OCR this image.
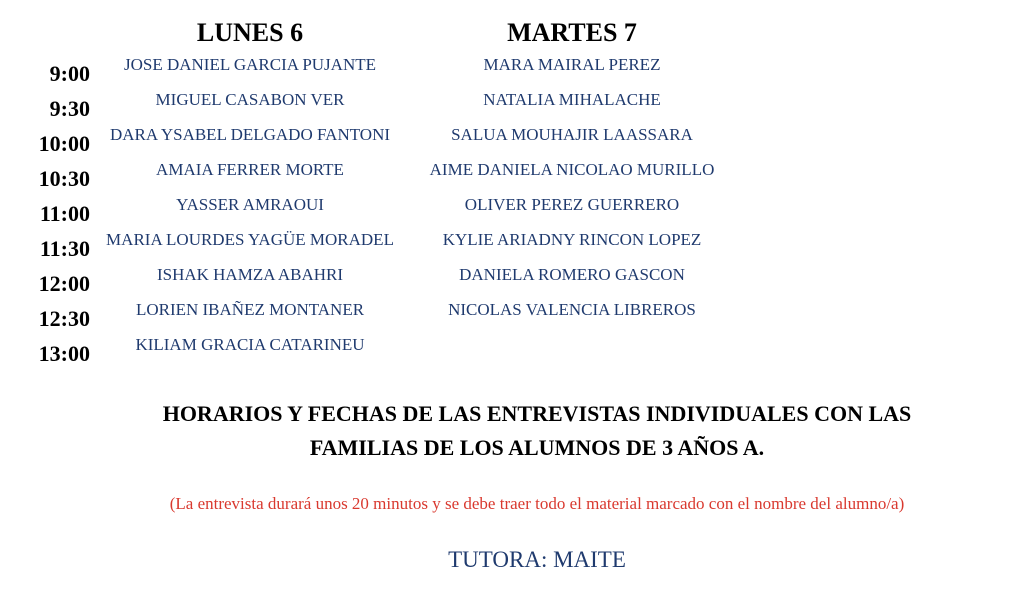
LUNES 6	MARTES 7
9:00
9:30
10:00
10:30
11:00
11:30
12:00
12:30
13:00
JOSE DANIEL GARCIA PUJANTE
MIGUEL CASABON VER
DARA YSABEL DELGADO FANTONI
AMAIA FERRER MORTE
YASSER AMRAOUI
MARIA LOURDES YAGÜE MORADEL
ISHAK HAMZA ABAHRI
LORIEN IBAÑEZ MONTANER
KILIAM GRACIA CATARINEU
MARA MAIRAL PEREZ
NATALIA MIHALACHE
SALUA MOUHAJIR LAASSARA
AIME DANIELA NICOLAO MURILLO
OLIVER PEREZ GUERRERO
KYLIE ARIADNY RINCON LOPEZ
DANIELA ROMERO GASCON
NICOLAS VALENCIA LIBREROS
HORARIOS Y FECHAS DE LAS ENTREVISTAS INDIVIDUALES CON LAS
FAMILIAS DE LOS ALUMNOS DE 3 AÑOS A.
(La entrevista durará unos 20 minutos y se debe traer todo el material marcado con el nombre del alumno/a)
TUTORA: MAITE
